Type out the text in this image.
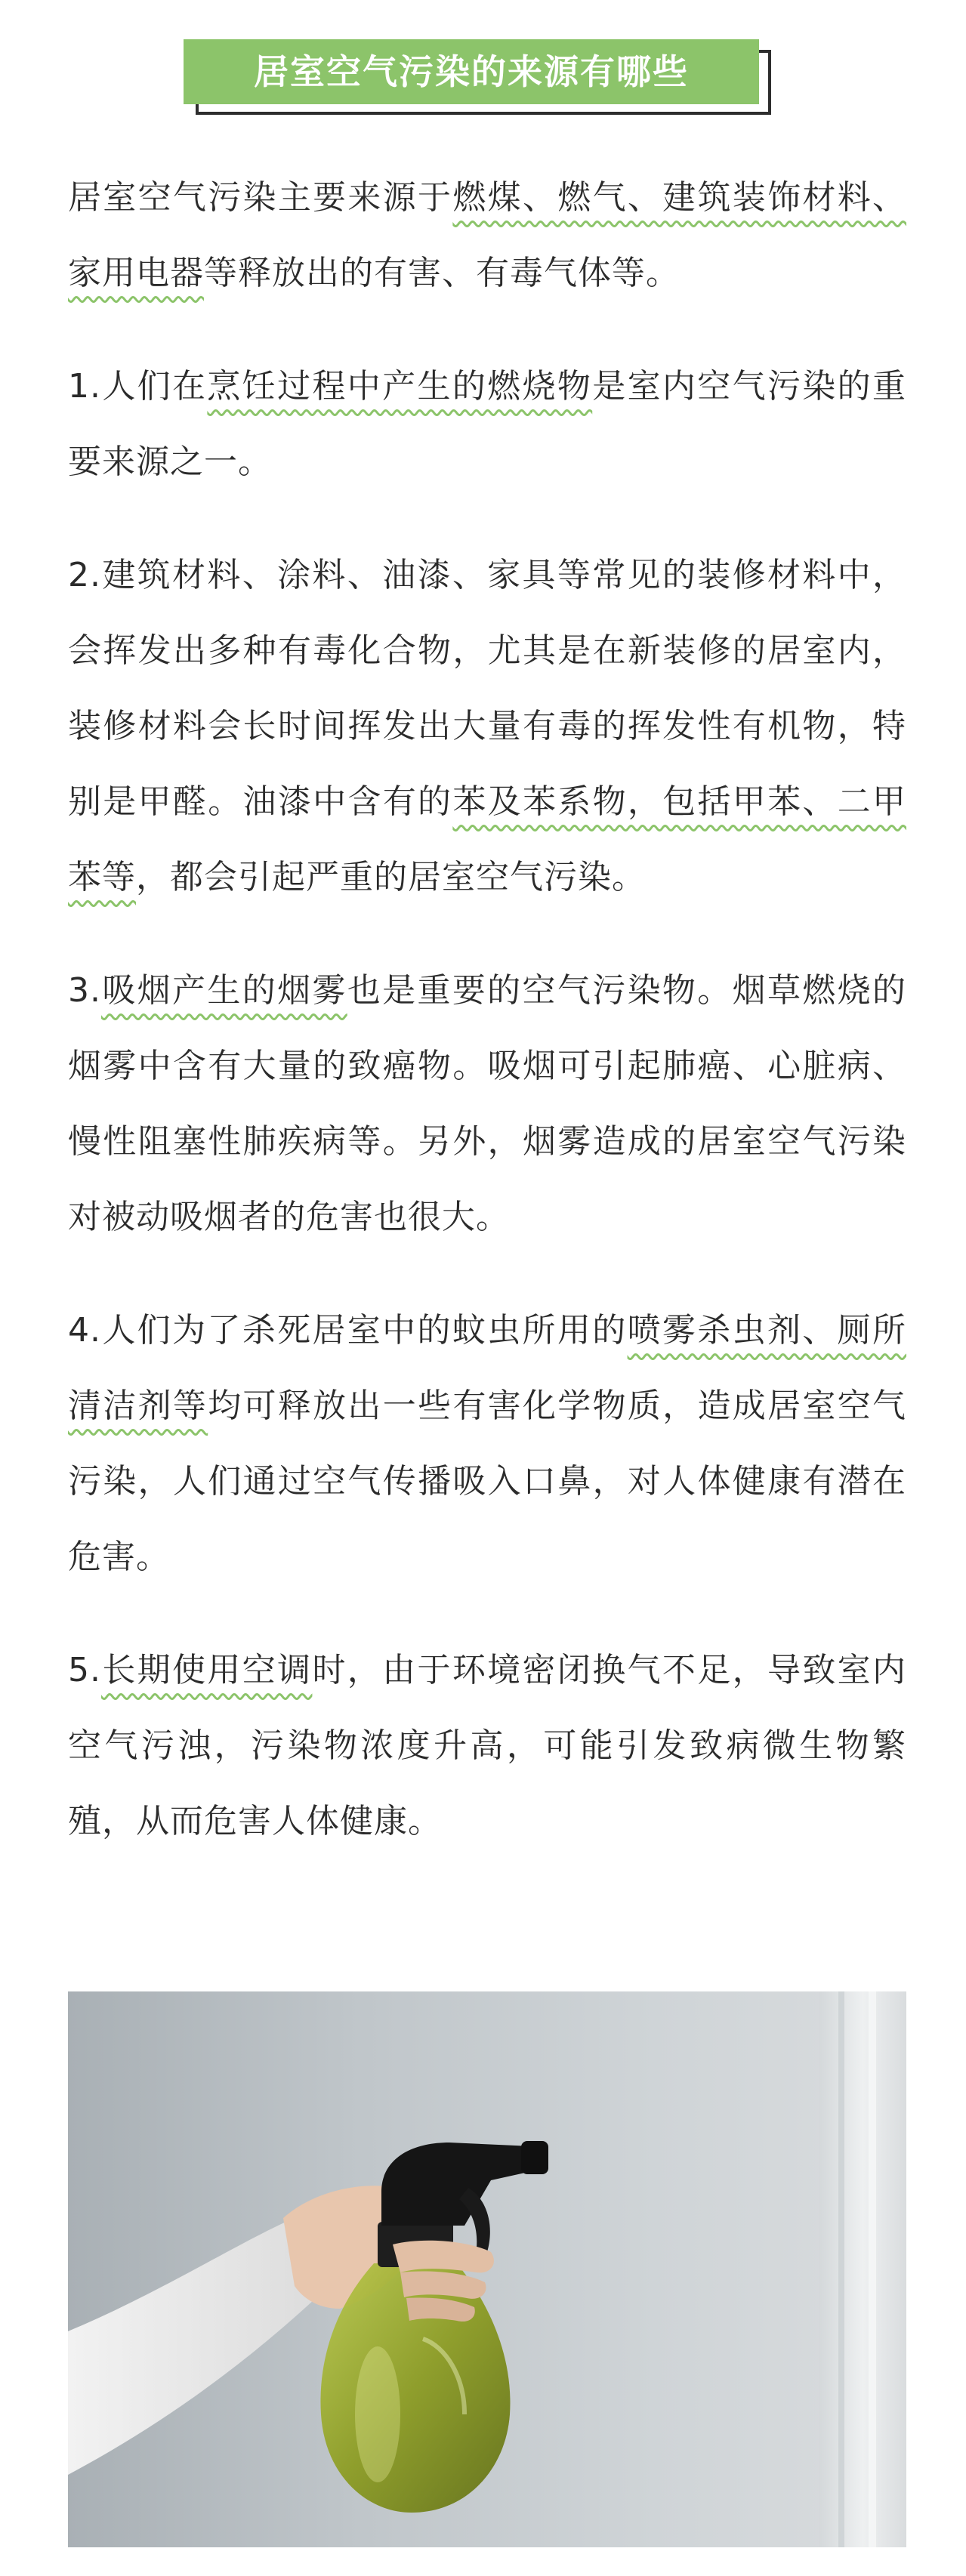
居室空气污染的来源有哪些

居室空气污染主要来源于燃煤、燃气、建筑装饰材料、家用电器等释放出的有害、有毒气体等。

1.人们在烹饪过程中产生的燃烧物是室内空气污染的重要来源之一。

2.建筑材料、涂料、油漆、家具等常见的装修材料中，会挥发出多种有毒化合物，尤其是在新装修的居室内，装修材料会长时间挥发出大量有毒的挥发性有机物，特别是甲醛。油漆中含有的苯及苯系物，包括甲苯、二甲苯等，都会引起严重的居室空气污染。

3.吸烟产生的烟雾也是重要的空气污染物。烟草燃烧的烟雾中含有大量的致癌物。吸烟可引起肺癌、心脏病、慢性阻塞性肺疾病等。另外，烟雾造成的居室空气污染对被动吸烟者的危害也很大。

4.人们为了杀死居室中的蚊虫所用的喷雾杀虫剂、厕所清洁剂等均可释放出一些有害化学物质，造成居室空气污染，人们通过空气传播吸入口鼻，对人体健康有潜在危害。

5.长期使用空调时，由于环境密闭换气不足，导致室内空气污浊，污染物浓度升高，可能引发致病微生物繁殖，从而危害人体健康。
